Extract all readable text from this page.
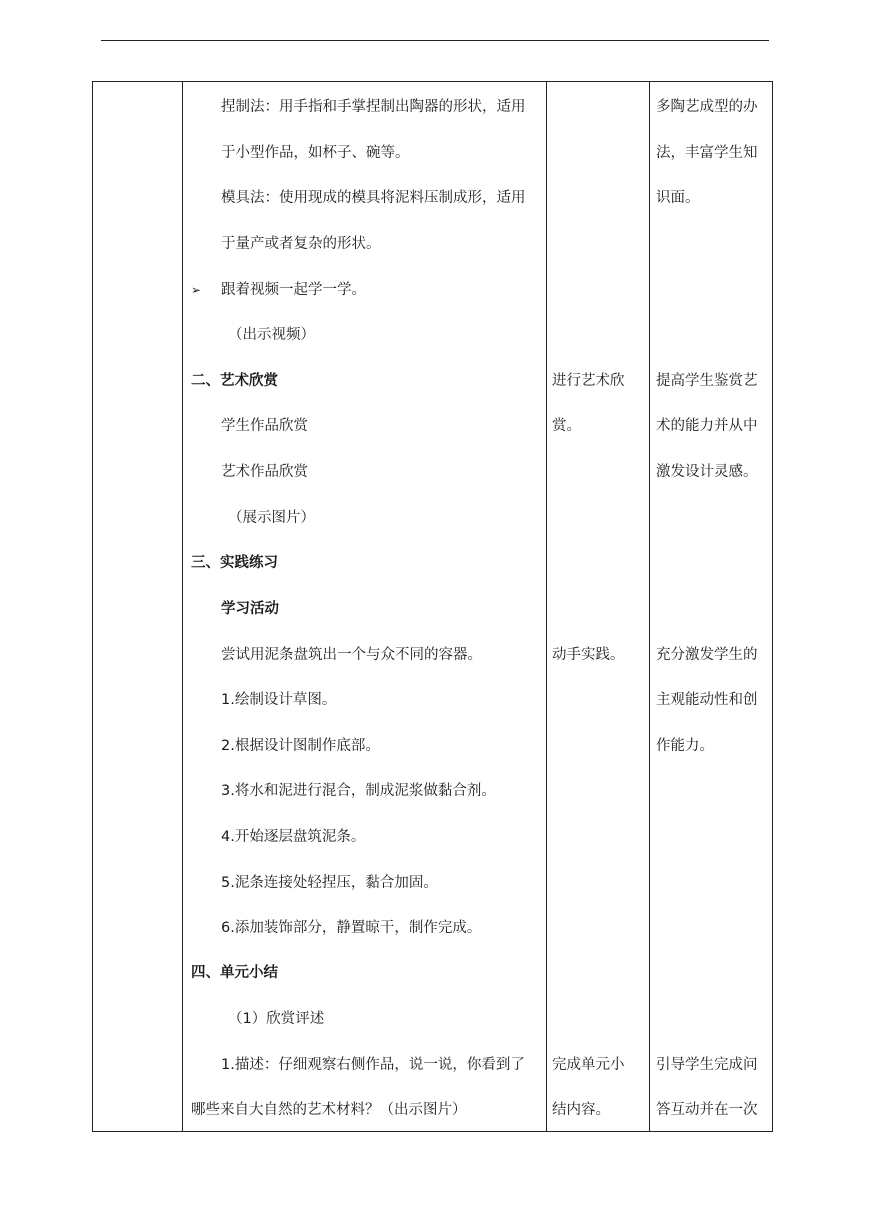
捏制法：用手指和手掌捏制出陶器的形状，适用
于小型作品，如杯子、碗等。
模具法：使用现成的模具将泥料压制成形，适用
于量产或者复杂的形状。
➢ 跟着视频一起学一学。
（出示视频）
二、艺术欣赏
学生作品欣赏
艺术作品欣赏
（展示图片）
三、实践练习
学习活动
尝试用泥条盘筑出一个与众不同的容器。
1.绘制设计草图。
2.根据设计图制作底部。
3.将水和泥进行混合，制成泥浆做黏合剂。
4.开始逐层盘筑泥条。
5.泥条连接处轻捏压，黏合加固。
6.添加装饰部分，静置晾干，制作完成。
四、单元小结
（1）欣赏评述
1.描述：仔细观察右侧作品，说一说，你看到了
哪些来自大自然的艺术材料？（出示图片）
进行艺术欣
赏。
动手实践。
完成单元小
结内容。
多陶艺成型的办
法，丰富学生知
识面。
提高学生鉴赏艺
术的能力并从中
激发设计灵感。
充分激发学生的
主观能动性和创
作能力。
引导学生完成问
答互动并在一次
